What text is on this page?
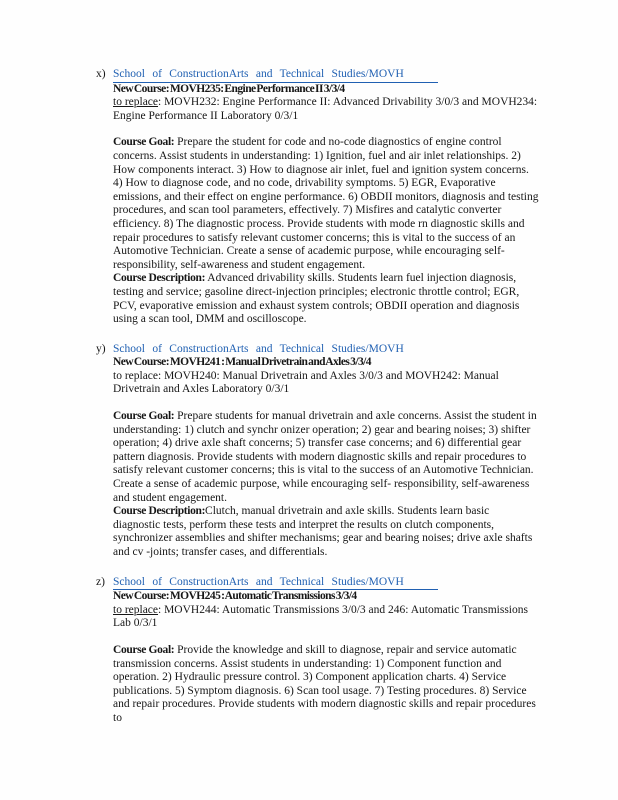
x) School of ConstructionArts and Technical Studies/MOVH

New Course: MOVH235: Engine Performance II 3/3/4

to replace: MOVH232: Engine Performance II: Advanced Drivability 3/0/3 and MOVH234: Engine Performance II Laboratory 0/3/1

Course Goal: Prepare the student for code and no-code diagnostics of engine control concerns. Assist students in understanding: 1) Ignition, fuel and air inlet relationships. 2) How components interact. 3) How to diagnose air inlet, fuel and ignition system concerns. 4) How to diagnose code, and no code, drivability symptoms. 5) EGR, Evaporative emissions, and their effect on engine performance. 6) OBDII monitors, diagnosis and testing procedures, and scan tool parameters, effectively. 7) Misfires and catalytic converter efficiency. 8) The diagnostic process. Provide students with mode rn diagnostic skills and repair procedures to satisfy relevant customer concerns; this is vital to the success of an Automotive Technician. Create a sense of academic purpose, while encouraging self-responsibility, self-awareness and student engagement.

Course Description: Advanced drivability skills. Students learn fuel injection diagnosis, testing and service; gasoline direct-injection principles; electronic throttle control; EGR, PCV, evaporative emission and exhaust system controls; OBDII operation and diagnosis using a scan tool, DMM and oscilloscope.

y) School of ConstructionArts and Technical Studies/MOVH

New Course: MOVH241 : Manual Drivetrain and Axles 3/3/4

to replace: MOVH240: Manual Drivetrain and Axles 3/0/3 and MOVH242: Manual Drivetrain and Axles Laboratory 0/3/1

Course Goal: Prepare students for manual drivetrain and axle concerns. Assist the student in understanding: 1) clutch and synchr onizer operation; 2) gear and bearing noises; 3) shifter operation; 4) drive axle shaft concerns; 5) transfer case concerns; and 6) differential gear pattern diagnosis. Provide students with modern diagnostic skills and repair procedures to satisfy relevant customer concerns; this is vital to the success of an Automotive Technician. Create a sense of academic purpose, while encouraging self- responsibility, self-awareness and student engagement.

Course Description:Clutch, manual drivetrain and axle skills. Students learn basic diagnostic tests, perform these tests and interpret the results on clutch components, synchronizer assemblies and shifter mechanisms; gear and bearing noises; drive axle shafts and cv -joints; transfer cases, and differentials.

z) School of ConstructionArts and Technical Studies/MOVH

New Course: MOVH245 : Automatic Transmissions 3/3/4

to replace: MOVH244: Automatic Transmissions 3/0/3 and 246: Automatic Transmissions Lab 0/3/1

Course Goal: Provide the knowledge and skill to diagnose, repair and service automatic transmission concerns. Assist students in understanding: 1) Component function and operation. 2) Hydraulic pressure control. 3) Component application charts. 4) Service publications. 5) Symptom diagnosis. 6) Scan tool usage. 7) Testing procedures. 8) Service and repair procedures. Provide students with modern diagnostic skills and repair procedures to
